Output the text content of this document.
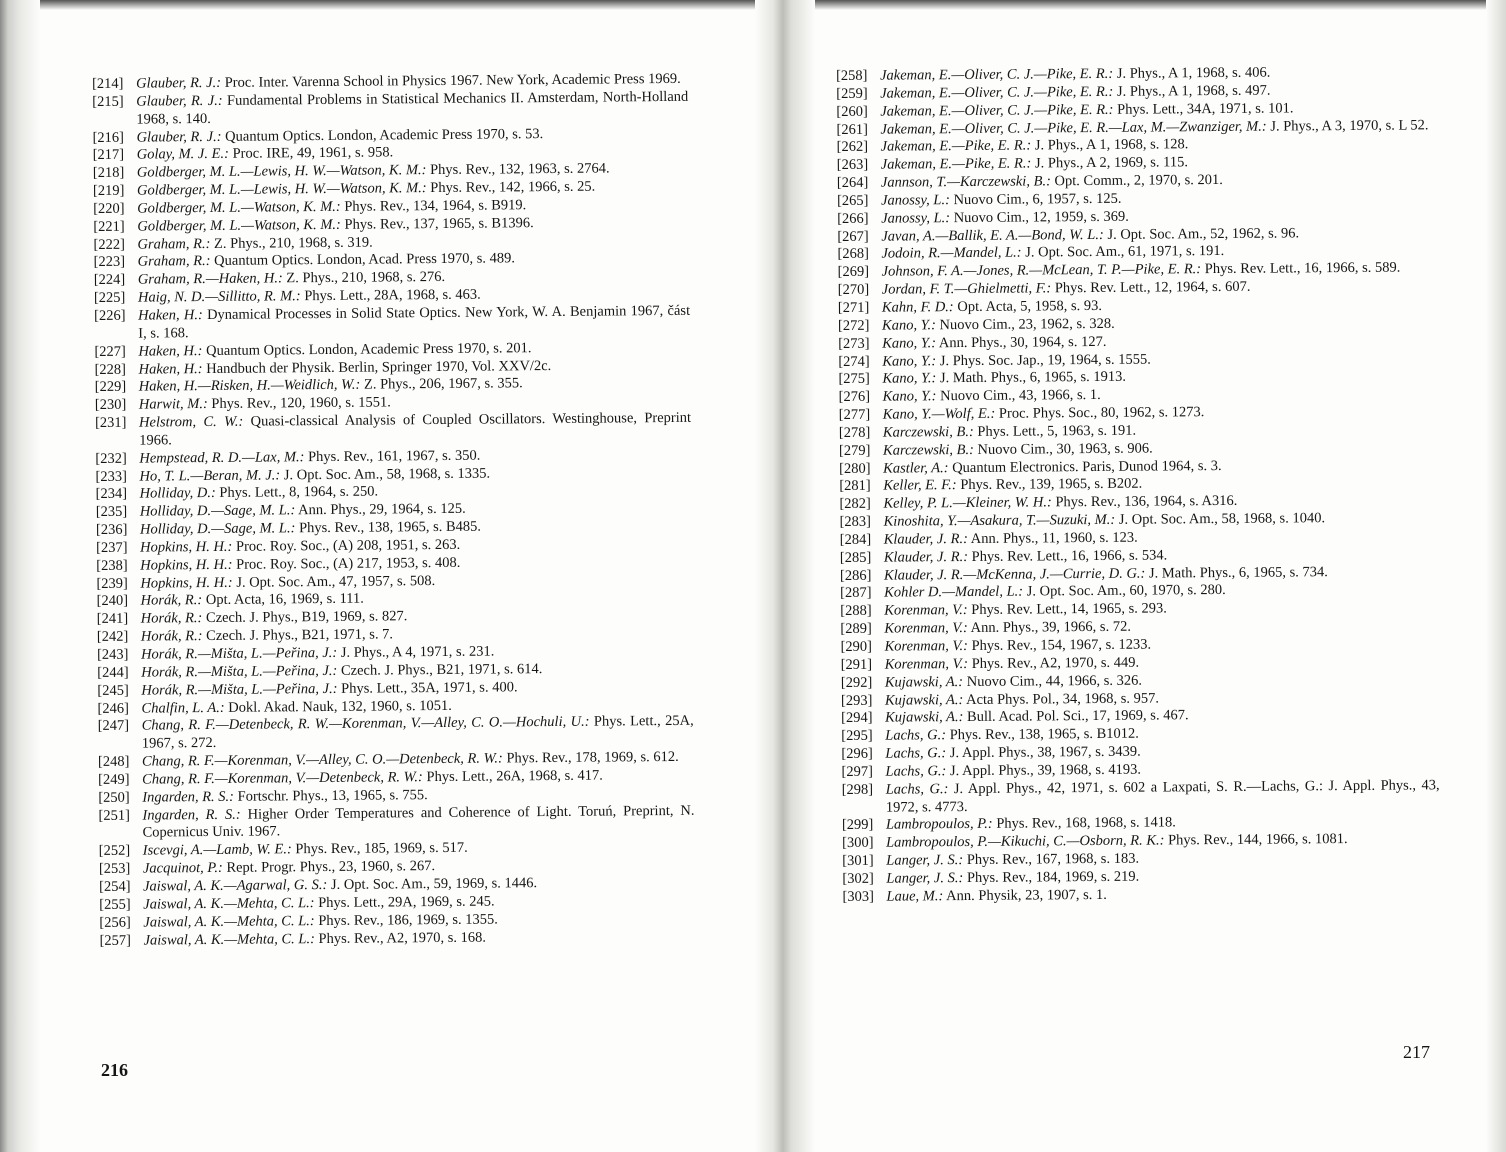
[214] Glauber, R. J.: Proc. Inter. Varenna School in Physics 1967. New York, Academic Press 1969.
[215] Glauber, R. J.: Fundamental Problems in Statistical Mechanics II. Amsterdam, North-Holland 1968, s. 140.
[216] Glauber, R. J.: Quantum Optics. London, Academic Press 1970, s. 53.
[217] Golay, M. J. E.: Proc. IRE, 49, 1961, s. 958.
[218] Goldberger, M. L.—Lewis, H. W.—Watson, K. M.: Phys. Rev., 132, 1963, s. 2764.
[219] Goldberger, M. L.—Lewis, H. W.—Watson, K. M.: Phys. Rev., 142, 1966, s. 25.
[220] Goldberger, M. L.—Watson, K. M.: Phys. Rev., 134, 1964, s. B919.
[221] Goldberger, M. L.—Watson, K. M.: Phys. Rev., 137, 1965, s. B1396.
[222] Graham, R.: Z. Phys., 210, 1968, s. 319.
[223] Graham, R.: Quantum Optics. London, Acad. Press 1970, s. 489.
[224] Graham, R.—Haken, H.: Z. Phys., 210, 1968, s. 276.
[225] Haig, N. D.—Sillitto, R. M.: Phys. Lett., 28A, 1968, s. 463.
[226] Haken, H.: Dynamical Processes in Solid State Optics. New York, W. A. Benjamin 1967, část I, s. 168.
[227] Haken, H.: Quantum Optics. London, Academic Press 1970, s. 201.
[228] Haken, H.: Handbuch der Physik. Berlin, Springer 1970, Vol. XXV/2c.
[229] Haken, H.—Risken, H.—Weidlich, W.: Z. Phys., 206, 1967, s. 355.
[230] Harwit, M.: Phys. Rev., 120, 1960, s. 1551.
[231] Helstrom, C. W.: Quasi-classical Analysis of Coupled Oscillators. Westinghouse, Preprint 1966.
[232] Hempstead, R. D.—Lax, M.: Phys. Rev., 161, 1967, s. 350.
[233] Ho, T. L.—Beran, M. J.: J. Opt. Soc. Am., 58, 1968, s. 1335.
[234] Holliday, D.: Phys. Lett., 8, 1964, s. 250.
[235] Holliday, D.—Sage, M. L.: Ann. Phys., 29, 1964, s. 125.
[236] Holliday, D.—Sage, M. L.: Phys. Rev., 138, 1965, s. B485.
[237] Hopkins, H. H.: Proc. Roy. Soc., (A) 208, 1951, s. 263.
[238] Hopkins, H. H.: Proc. Roy. Soc., (A) 217, 1953, s. 408.
[239] Hopkins, H. H.: J. Opt. Soc. Am., 47, 1957, s. 508.
[240] Horák, R.: Opt. Acta, 16, 1969, s. 111.
[241] Horák, R.: Czech. J. Phys., B19, 1969, s. 827.
[242] Horák, R.: Czech. J. Phys., B21, 1971, s. 7.
[243] Horák, R.—Mišta, L.—Peřina, J.: J. Phys., A 4, 1971, s. 231.
[244] Horák, R.—Mišta, L.—Peřina, J.: Czech. J. Phys., B21, 1971, s. 614.
[245] Horák, R.—Mišta, L.—Peřina, J.: Phys. Lett., 35A, 1971, s. 400.
[246] Chalfin, L. A.: Dokl. Akad. Nauk, 132, 1960, s. 1051.
[247] Chang, R. F.—Detenbeck, R. W.—Korenman, V.—Alley, C. O.—Hochuli, U.: Phys. Lett., 25A, 1967, s. 272.
[248] Chang, R. F.—Korenman, V.—Alley, C. O.—Detenbeck, R. W.: Phys. Rev., 178, 1969, s. 612.
[249] Chang, R. F.—Korenman, V.—Detenbeck, R. W.: Phys. Lett., 26A, 1968, s. 417.
[250] Ingarden, R. S.: Fortschr. Phys., 13, 1965, s. 755.
[251] Ingarden, R. S.: Higher Order Temperatures and Coherence of Light. Toruń, Preprint, N. Copernicus Univ. 1967.
[252] Iscevgi, A.—Lamb, W. E.: Phys. Rev., 185, 1969, s. 517.
[253] Jacquinot, P.: Rept. Progr. Phys., 23, 1960, s. 267.
[254] Jaiswal, A. K.—Agarwal, G. S.: J. Opt. Soc. Am., 59, 1969, s. 1446.
[255] Jaiswal, A. K.—Mehta, C. L.: Phys. Lett., 29A, 1969, s. 245.
[256] Jaiswal, A. K.—Mehta, C. L.: Phys. Rev., 186, 1969, s. 1355.
[257] Jaiswal, A. K.—Mehta, C. L.: Phys. Rev., A2, 1970, s. 168.
[258] Jakeman, E.—Oliver, C. J.—Pike, E. R.: J. Phys., A 1, 1968, s. 406.
[259] Jakeman, E.—Oliver, C. J.—Pike, E. R.: J. Phys., A 1, 1968, s. 497.
[260] Jakeman, E.—Oliver, C. J.—Pike, E. R.: Phys. Lett., 34A, 1971, s. 101.
[261] Jakeman, E.—Oliver, C. J.—Pike, E. R.—Lax, M.—Zwanziger, M.: J. Phys., A 3, 1970, s. L 52.
[262] Jakeman, E.—Pike, E. R.: J. Phys., A 1, 1968, s. 128.
[263] Jakeman, E.—Pike, E. R.: J. Phys., A 2, 1969, s. 115.
[264] Jannson, T.—Karczewski, B.: Opt. Comm., 2, 1970, s. 201.
[265] Janossy, L.: Nuovo Cim., 6, 1957, s. 125.
[266] Janossy, L.: Nuovo Cim., 12, 1959, s. 369.
[267] Javan, A.—Ballik, E. A.—Bond, W. L.: J. Opt. Soc. Am., 52, 1962, s. 96.
[268] Jodoin, R.—Mandel, L.: J. Opt. Soc. Am., 61, 1971, s. 191.
[269] Johnson, F. A.—Jones, R.—McLean, T. P.—Pike, E. R.: Phys. Rev. Lett., 16, 1966, s. 589.
[270] Jordan, F. T.—Ghielmetti, F.: Phys. Rev. Lett., 12, 1964, s. 607.
[271] Kahn, F. D.: Opt. Acta, 5, 1958, s. 93.
[272] Kano, Y.: Nuovo Cim., 23, 1962, s. 328.
[273] Kano, Y.: Ann. Phys., 30, 1964, s. 127.
[274] Kano, Y.: J. Phys. Soc. Jap., 19, 1964, s. 1555.
[275] Kano, Y.: J. Math. Phys., 6, 1965, s. 1913.
[276] Kano, Y.: Nuovo Cim., 43, 1966, s. 1.
[277] Kano, Y.—Wolf, E.: Proc. Phys. Soc., 80, 1962, s. 1273.
[278] Karczewski, B.: Phys. Lett., 5, 1963, s. 191.
[279] Karczewski, B.: Nuovo Cim., 30, 1963, s. 906.
[280] Kastler, A.: Quantum Electronics. Paris, Dunod 1964, s. 3.
[281] Keller, E. F.: Phys. Rev., 139, 1965, s. B202.
[282] Kelley, P. L.—Kleiner, W. H.: Phys. Rev., 136, 1964, s. A316.
[283] Kinoshita, Y.—Asakura, T.—Suzuki, M.: J. Opt. Soc. Am., 58, 1968, s. 1040.
[284] Klauder, J. R.: Ann. Phys., 11, 1960, s. 123.
[285] Klauder, J. R.: Phys. Rev. Lett., 16, 1966, s. 534.
[286] Klauder, J. R.—McKenna, J.—Currie, D. G.: J. Math. Phys., 6, 1965, s. 734.
[287] Kohler D.—Mandel, L.: J. Opt. Soc. Am., 60, 1970, s. 280.
[288] Korenman, V.: Phys. Rev. Lett., 14, 1965, s. 293.
[289] Korenman, V.: Ann. Phys., 39, 1966, s. 72.
[290] Korenman, V.: Phys. Rev., 154, 1967, s. 1233.
[291] Korenman, V.: Phys. Rev., A2, 1970, s. 449.
[292] Kujawski, A.: Nuovo Cim., 44, 1966, s. 326.
[293] Kujawski, A.: Acta Phys. Pol., 34, 1968, s. 957.
[294] Kujawski, A.: Bull. Acad. Pol. Sci., 17, 1969, s. 467.
[295] Lachs, G.: Phys. Rev., 138, 1965, s. B1012.
[296] Lachs, G.: J. Appl. Phys., 38, 1967, s. 3439.
[297] Lachs, G.: J. Appl. Phys., 39, 1968, s. 4193.
[298] Lachs, G.: J. Appl. Phys., 42, 1971, s. 602 a Laxpati, S. R.—Lachs, G.: J. Appl. Phys., 43, 1972, s. 4773.
[299] Lambropoulos, P.: Phys. Rev., 168, 1968, s. 1418.
[300] Lambropoulos, P.—Kikuchi, C.—Osborn, R. K.: Phys. Rev., 144, 1966, s. 1081.
[301] Langer, J. S.: Phys. Rev., 167, 1968, s. 183.
[302] Langer, J. S.: Phys. Rev., 184, 1969, s. 219.
[303] Laue, M.: Ann. Physik, 23, 1907, s. 1.
216
217
